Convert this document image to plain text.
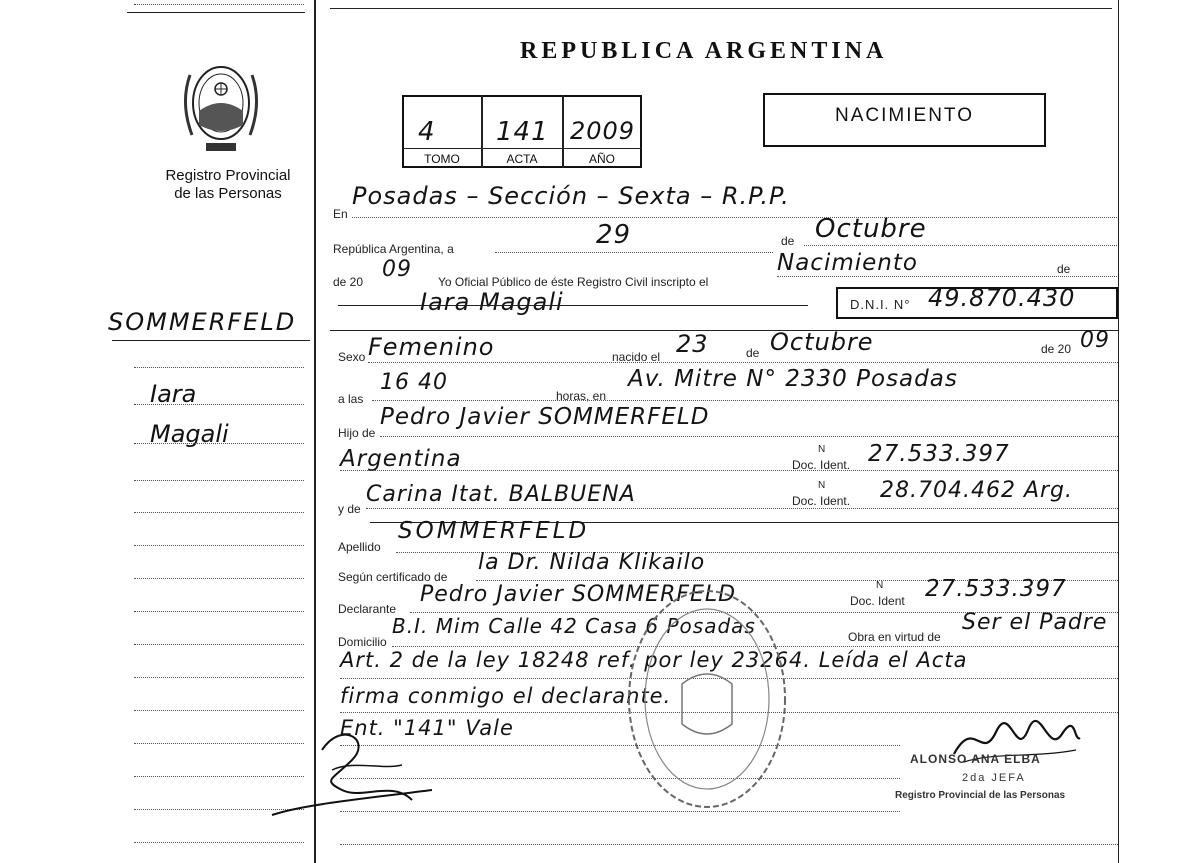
Registro Provincial
de las Personas
SOMMERFELD
Iara
Magali
REPUBLICA ARGENTINA
4 141 2009
TOMO	ACTA	AÑO
NACIMIENTO
En
Posadas – Sección – Sexta – R.P.P.
República Argentina, a	29	de Octubre
de 20 09 Yo Oficial Público de éste Registro Civil inscripto el
Nacimiento	de
Iara Magali	D.N.I. N° 49.870.430
Sexo Femenino	nacido el 23	de Octubre	de 20 09
a las
16 40
horas, en
Av. Mitre N° 2330 Posadas
Hijo de
Pedro Javier SOMMERFELD
Argentina	Doc. Ident.
N 27.533.397
y de
Carina Itat. BALBUENA	Doc. Ident.
N 28.704.462 Arg.
Apellido
SOMMERFELD
Según certificado de
la Dr. Nilda Klikailo
Declarante
Pedro Javier SOMMERFELD	Doc. Ident
N 27.533.397
Domicilio
B.I. Mim Calle 42 Casa 6 Posadas	Obra en virtud de
Ser el Padre
Art. 2 de la ley 18248 ref. por ley 23264. Leída el Acta
firma conmigo el declarante.
Ent. "141" Vale
ALONSO ANA ELBA
2da JEFA
Registro Provincial de las Personas
